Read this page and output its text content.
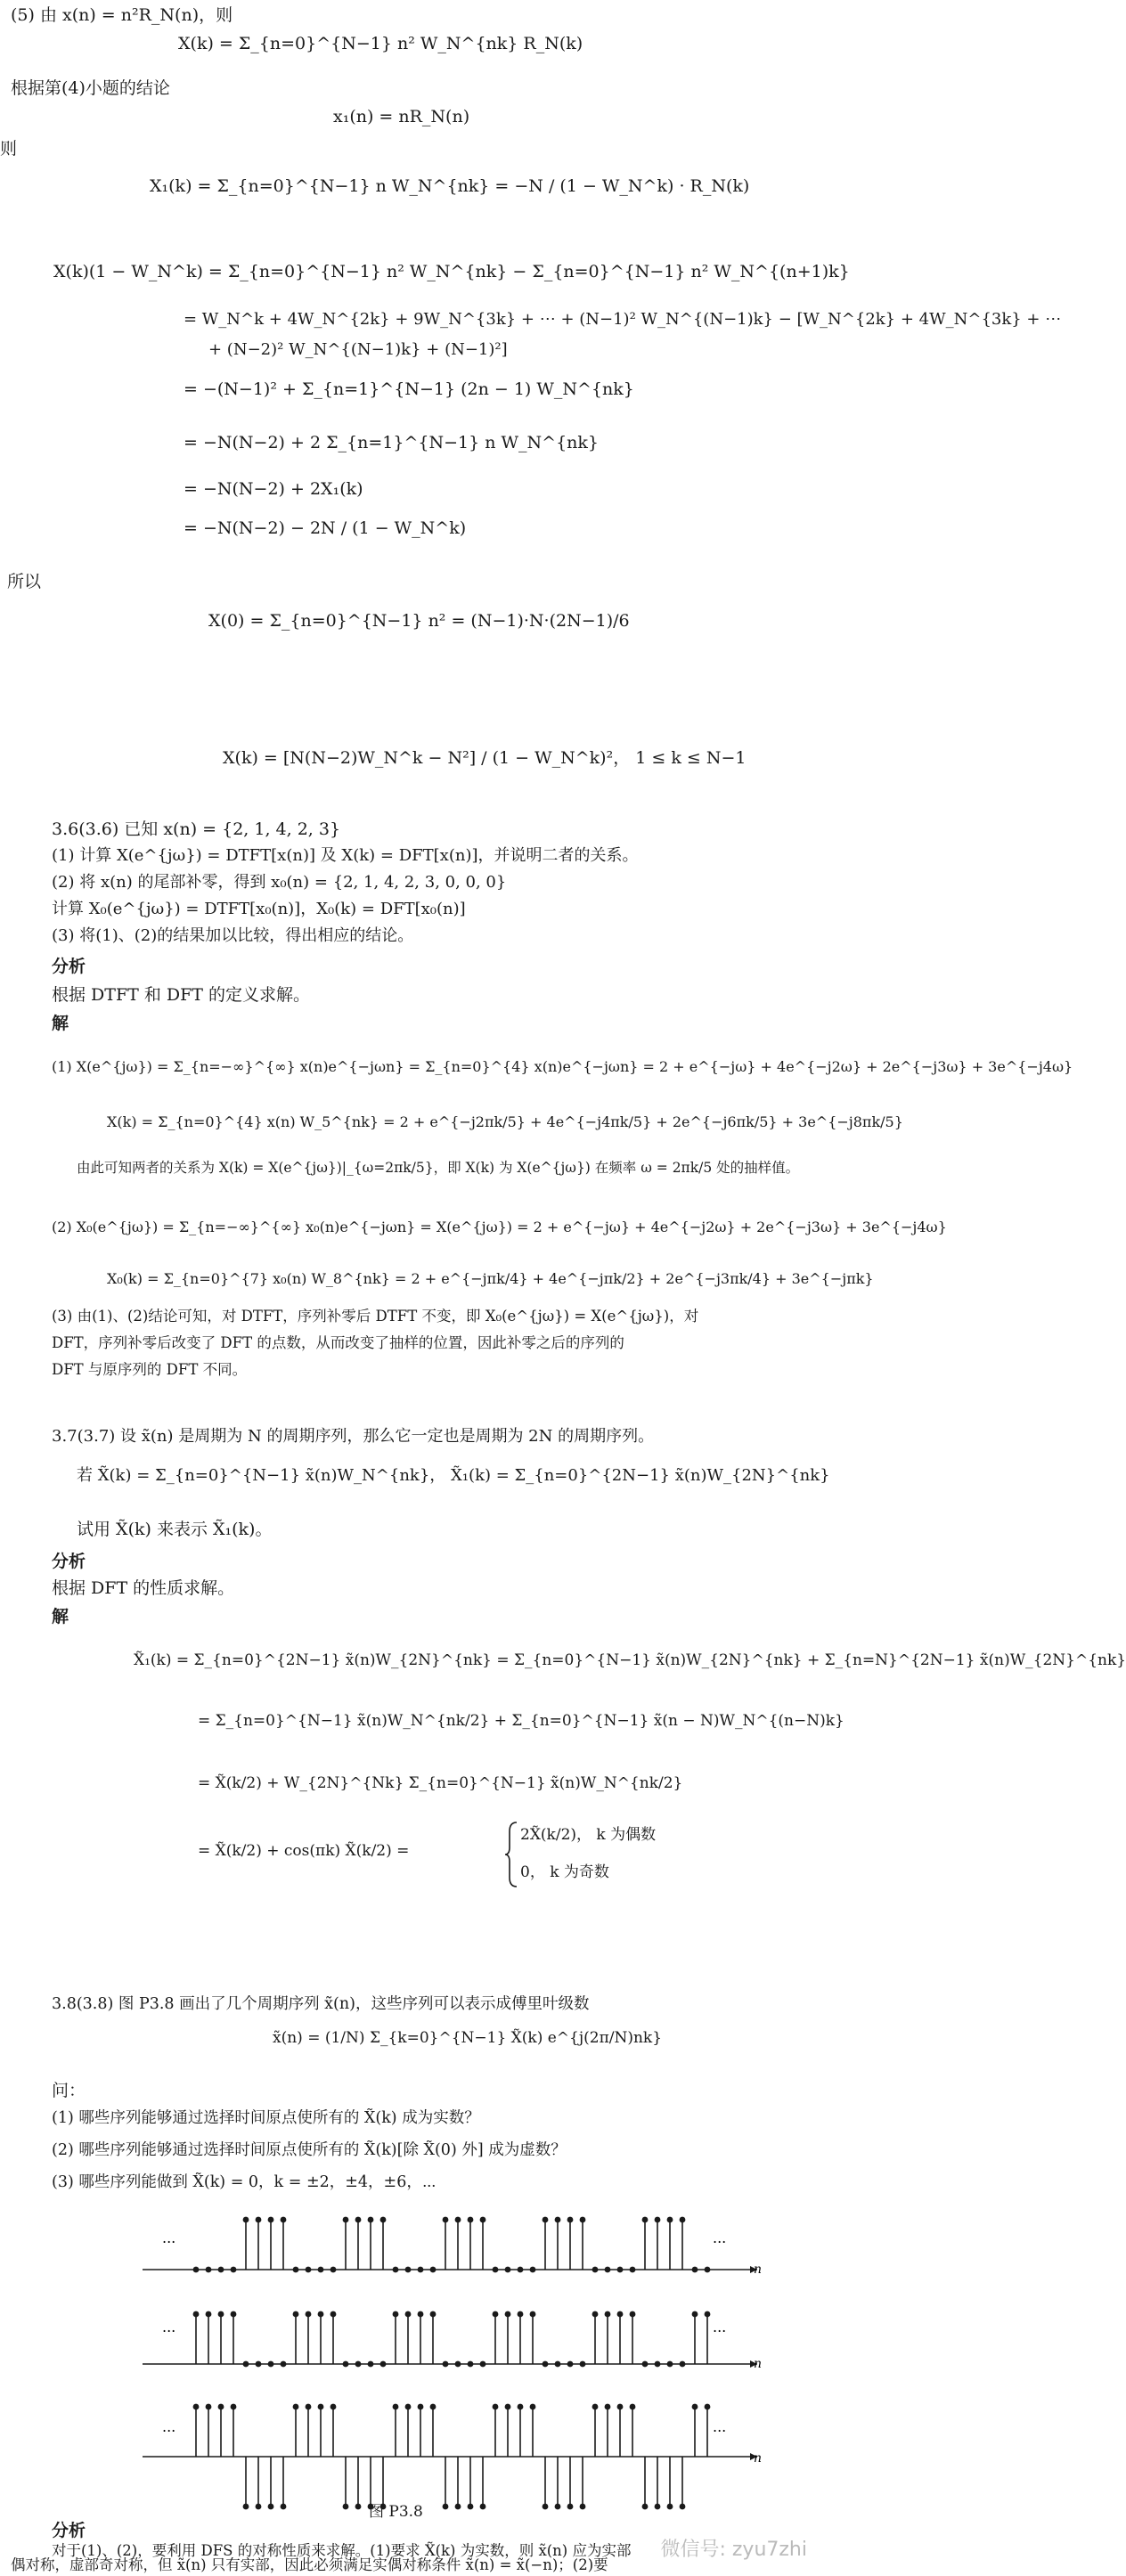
(5) 由 x(n) = n²R_N(n)，则
X(k) = Σ_{n=0}^{N−1} n² W_N^{nk} R_N(k)
根据第(4)小题的结论
x₁(n) = nR_N(n)
则
X₁(k) = Σ_{n=0}^{N−1} n W_N^{nk} = −N / (1 − W_N^k) · R_N(k)
X(k)(1 − W_N^k) = Σ_{n=0}^{N−1} n² W_N^{nk} − Σ_{n=0}^{N−1} n² W_N^{(n+1)k}
= W_N^k + 4W_N^{2k} + 9W_N^{3k} + ⋯ + (N−1)² W_N^{(N−1)k} − [W_N^{2k} + 4W_N^{3k} + ⋯
+ (N−2)² W_N^{(N−1)k} + (N−1)²]
= −(N−1)² + Σ_{n=1}^{N−1} (2n − 1) W_N^{nk}
= −N(N−2) + 2 Σ_{n=1}^{N−1} n W_N^{nk}
= −N(N−2) + 2X₁(k)
= −N(N−2) − 2N / (1 − W_N^k)
所以
X(0) = Σ_{n=0}^{N−1} n² = (N−1)·N·(2N−1)/6
X(k) = [N(N−2)W_N^k − N²] / (1 − W_N^k)²， 1 ≤ k ≤ N−1
3.6(3.6) 已知 x(n) = {2, 1, 4, 2, 3}
(1) 计算 X(e^{jω}) = DTFT[x(n)] 及 X(k) = DFT[x(n)]，并说明二者的关系。
(2) 将 x(n) 的尾部补零，得到 x₀(n) = {2, 1, 4, 2, 3, 0, 0, 0}
计算 X₀(e^{jω}) = DTFT[x₀(n)]，X₀(k) = DFT[x₀(n)]
(3) 将(1)、(2)的结果加以比较，得出相应的结论。
分析
根据 DTFT 和 DFT 的定义求解。
解
(1) X(e^{jω}) = Σ_{n=−∞}^{∞} x(n)e^{−jωn} = Σ_{n=0}^{4} x(n)e^{−jωn} = 2 + e^{−jω} + 4e^{−j2ω} + 2e^{−j3ω} + 3e^{−j4ω}
X(k) = Σ_{n=0}^{4} x(n) W_5^{nk} = 2 + e^{−j2πk/5} + 4e^{−j4πk/5} + 2e^{−j6πk/5} + 3e^{−j8πk/5}
由此可知两者的关系为 X(k) = X(e^{jω})|_{ω=2πk/5}，即 X(k) 为 X(e^{jω}) 在频率 ω = 2πk/5 处的抽样值。
(2) X₀(e^{jω}) = Σ_{n=−∞}^{∞} x₀(n)e^{−jωn} = X(e^{jω}) = 2 + e^{−jω} + 4e^{−j2ω} + 2e^{−j3ω} + 3e^{−j4ω}
X₀(k) = Σ_{n=0}^{7} x₀(n) W_8^{nk} = 2 + e^{−jπk/4} + 4e^{−jπk/2} + 2e^{−j3πk/4} + 3e^{−jπk}
(3) 由(1)、(2)结论可知，对 DTFT，序列补零后 DTFT 不变，即 X₀(e^{jω}) = X(e^{jω})，对
DFT，序列补零后改变了 DFT 的点数，从而改变了抽样的位置，因此补零之后的序列的
DFT 与原序列的 DFT 不同。
3.7(3.7) 设 x̃(n) 是周期为 N 的周期序列，那么它一定也是周期为 2N 的周期序列。
若 X̃(k) = Σ_{n=0}^{N−1} x̃(n)W_N^{nk}， X̃₁(k) = Σ_{n=0}^{2N−1} x̃(n)W_{2N}^{nk}
试用 X̃(k) 来表示 X̃₁(k)。
分析
根据 DFT 的性质求解。
解
X̃₁(k) = Σ_{n=0}^{2N−1} x̃(n)W_{2N}^{nk} = Σ_{n=0}^{N−1} x̃(n)W_{2N}^{nk} + Σ_{n=N}^{2N−1} x̃(n)W_{2N}^{nk}
= Σ_{n=0}^{N−1} x̃(n)W_N^{nk/2} + Σ_{n=0}^{N−1} x̃(n − N)W_N^{(n−N)k}
= X̃(k/2) + W_{2N}^{Nk} Σ_{n=0}^{N−1} x̃(n)W_N^{nk/2}
= X̃(k/2) + cos(πk) X̃(k/2) =
2X̃(k/2)， k 为偶数
0， k 为奇数
3.8(3.8) 图 P3.8 画出了几个周期序列 x̃(n)，这些序列可以表示成傅里叶级数
x̃(n) = (1/N) Σ_{k=0}^{N−1} X̃(k) e^{j(2π/N)nk}
问：
(1) 哪些序列能够通过选择时间原点使所有的 X̃(k) 成为实数？
(2) 哪些序列能够通过选择时间原点使所有的 X̃(k)[除 X̃(0) 外] 成为虚数？
(3) 哪些序列能做到 X̃(k) = 0，k = ±2，±4，±6，⋯
...	...
...	...
...	...
n
n
n
图 P3.8
分析
对于(1)、(2)，要利用 DFS 的对称性质来求解。(1)要求 X̃(k) 为实数，则 x̃(n) 应为实部
偶对称，虚部奇对称，但 x̃(n) 只有实部，因此必须满足实偶对称条件 x̃(n) = x̃(−n)；(2)要
微信号: zyu7zhi
